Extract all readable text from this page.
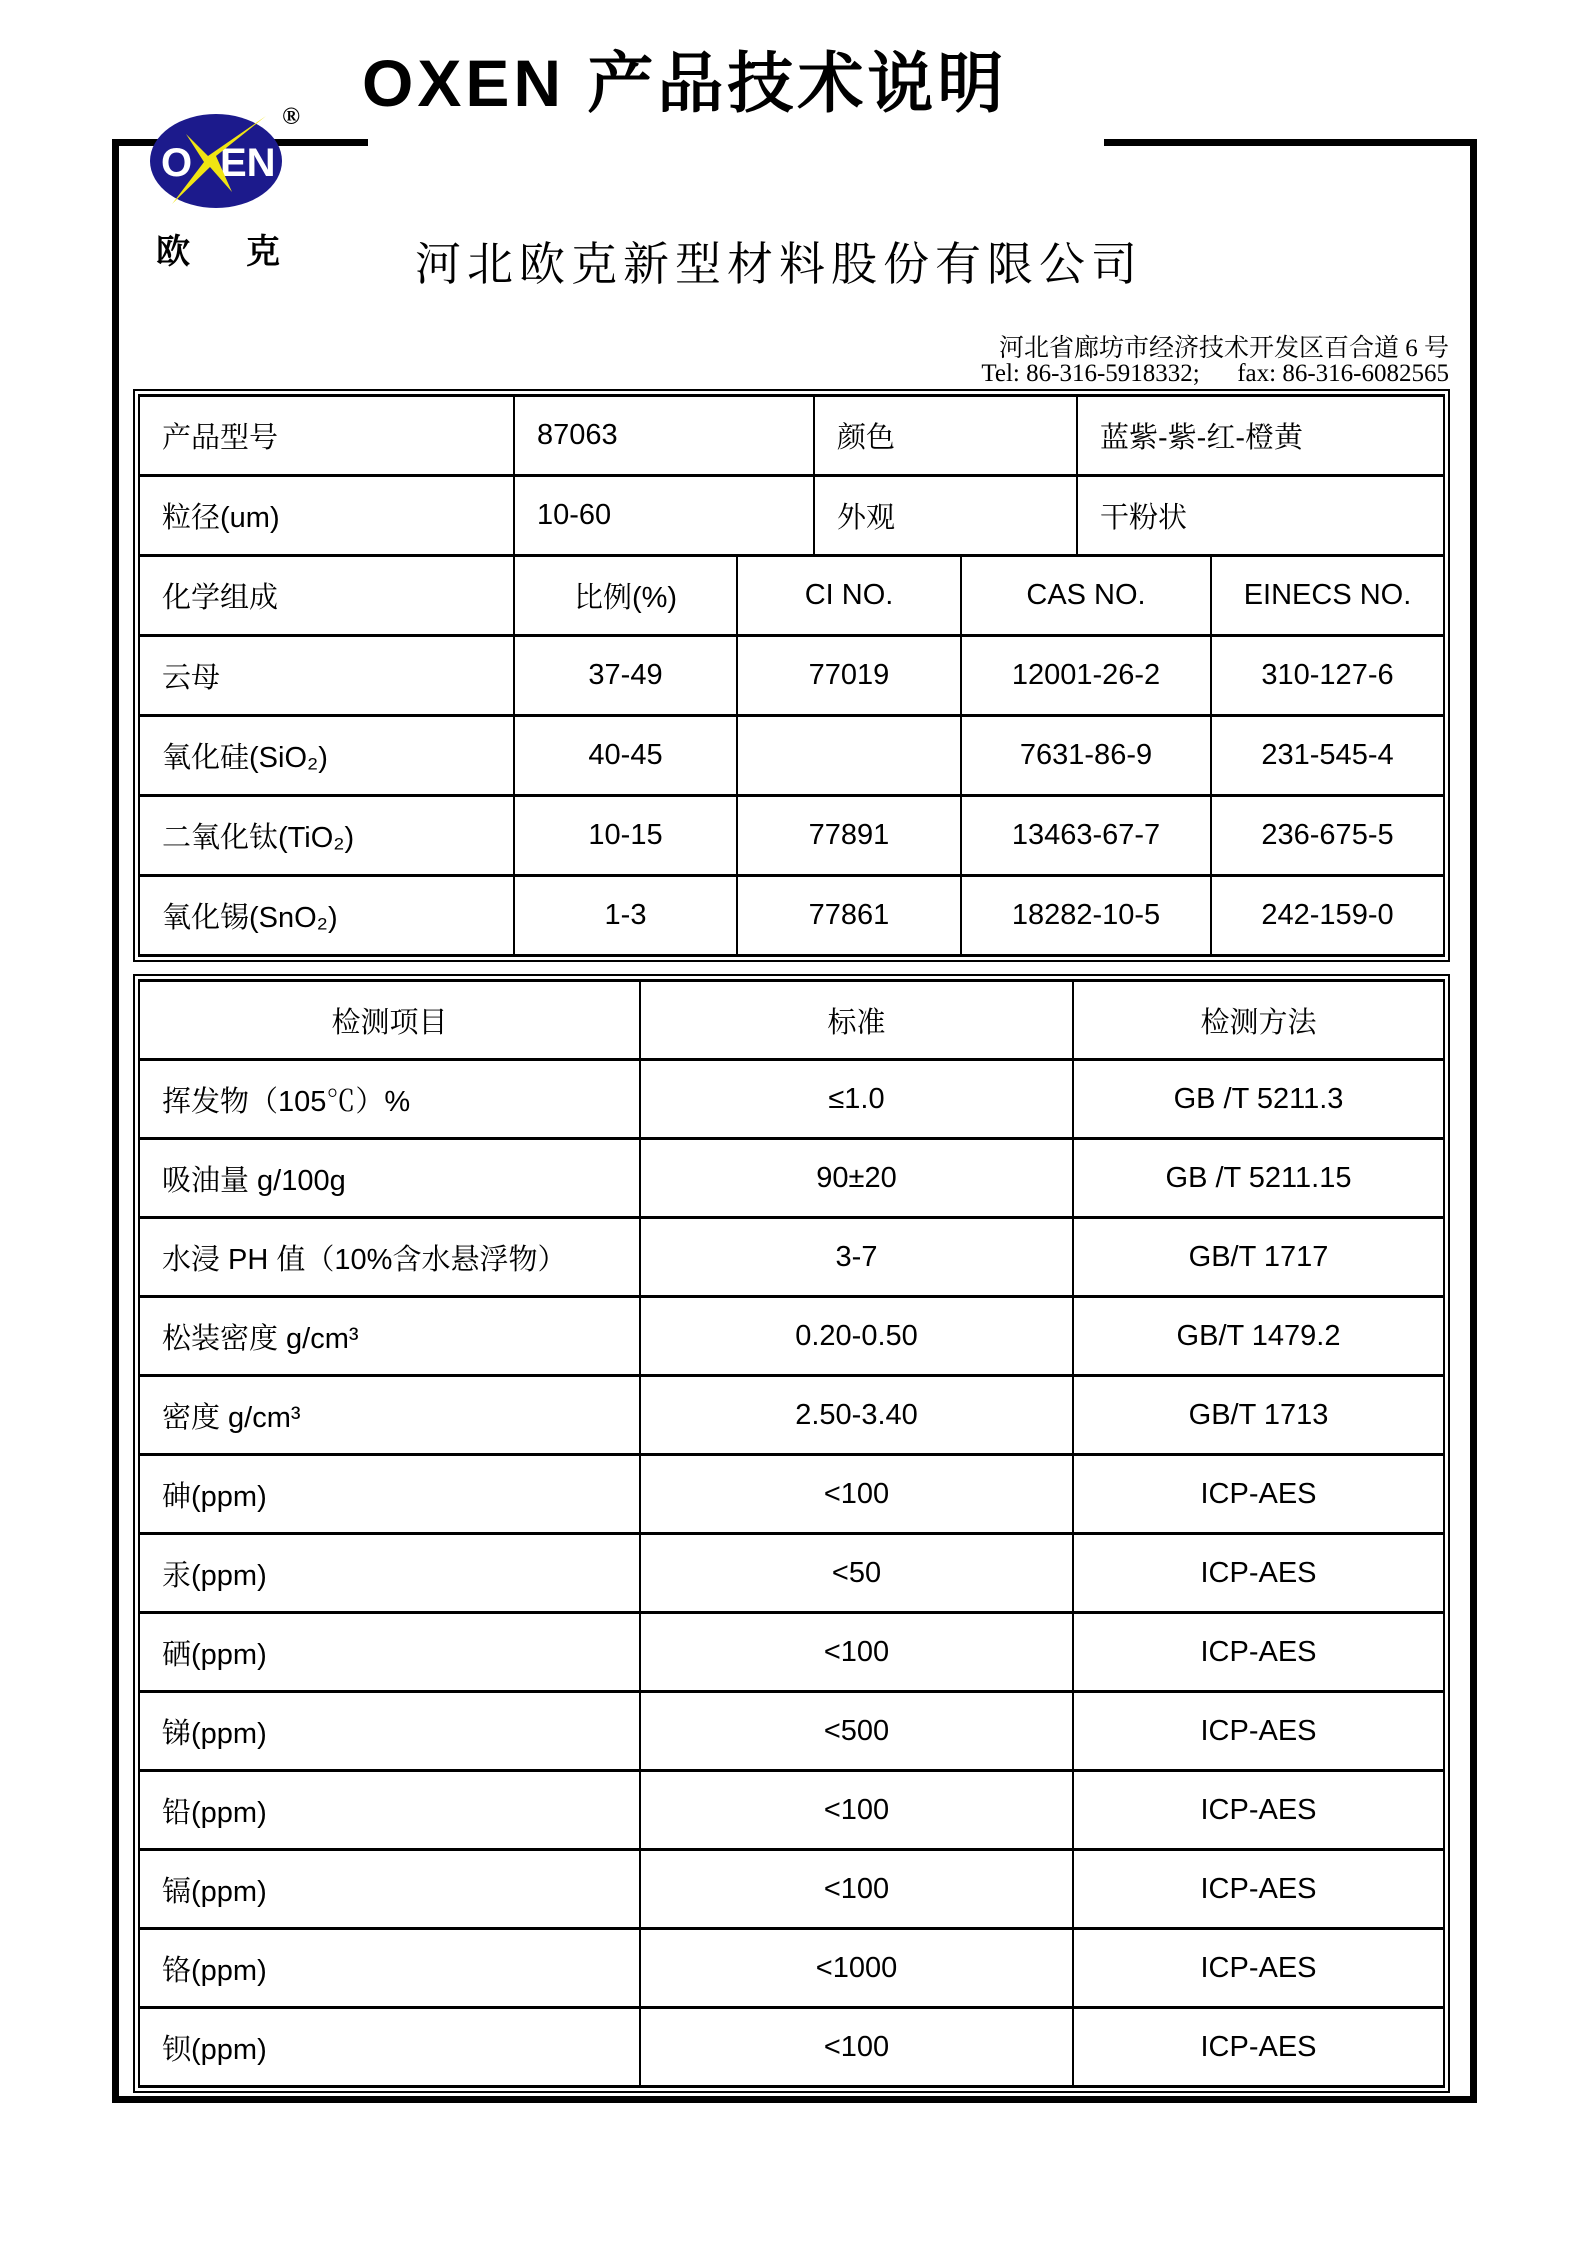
OXEN 产品技术说明
O EN
®
欧 克	河北欧克新型材料股份有限公司
河北省廊坊市经济技术开发区百合道 6 号
Tel: 86-316-5918332;      fax: 86-316-6082565
产品型号	87063	颜色	蓝紫-紫-红-橙黄
粒径(um)	10-60	外观	干粉状
化学组成	比例(%)	CI NO.	CAS NO.	EINECS NO.
云母	37-49	77019	12001-26-2	310-127-6
氧化硅(SiO₂)	40-45		7631-86-9	231-545-4
二氧化钛(TiO₂)	10-15	77891	13463-67-7	236-675-5
氧化锡(SnO₂)	1-3	77861	18282-10-5	242-159-0
检测项目	标准	检测方法
挥发物（105℃）%	≤1.0	GB /T 5211.3
吸油量 g/100g	90±20	GB /T 5211.15
水浸 PH 值（10%含水悬浮物）	3-7	GB/T 1717
松装密度 g/cm³	0.20-0.50	GB/T 1479.2
密度 g/cm³	2.50-3.40	GB/T 1713
砷(ppm)	<100	ICP-AES
汞(ppm)	<50	ICP-AES
硒(ppm)	<100	ICP-AES
锑(ppm)	<500	ICP-AES
铅(ppm)	<100	ICP-AES
镉(ppm)	<100	ICP-AES
铬(ppm)	<1000	ICP-AES
钡(ppm)	<100	ICP-AES
